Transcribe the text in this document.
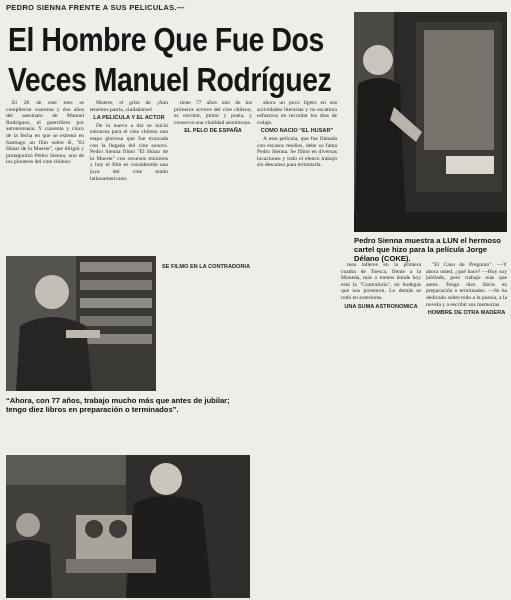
PEDRO SIENNA FRENTE A SUS PELICULAS.—
El Hombre Que Fue Dos
Veces Manuel Rodríguez
Pedro Sienna muestra a LUN el hermoso cartel que hizo para la película Jorge Délano (COKE).
“Ahora, con 77 años, trabajo mucho más que antes de jubilar; tengo diez libros en preparación o terminados”.

El 26 de este mes se cumplieron cuarenta y dos años del asesinato de Manuel Rodríguez, el guerrillero por antonomasia. Y cuarenta y cinco de la fecha en que se estrenó en Santiago un film sobre él, "El Húsar de la Muerte", que dirigió y protagonizó Pedro Sienna, uno de los pioneros del cine chileno.

Muerte, el grito de ¡Aún tenemos patria, ciudadanos!

LA PELICULA Y EL ACTOR

De la nueva a dar se inició entonces para el cine chileno una etapa gloriosa que fue truncada con la llegada del cine sonoro. Pedro Sienna filmó "El Húsar de la Muerte" con recursos mínimos y hoy el film es considerado una joya del cine mudo latinoamericano.

tiene 77 años uno de los primeros actores del cine chileno, es escritor, pintor y poeta, y conserva una vitalidad asombrosa.

EL PELO DE ESPAÑA

ahora un poco ligero en sus actividades literarias y no escatima esfuerzos en recordar los días de rodaje.

COMO NACIO “EL HUSAR”

A esta película, que fue filmada con escasos medios, debe su fama Pedro Sienna. Se filmó en diversas locaciones y todo el elenco trabajó sin descanso para terminarla.

SE FILMO EN LA CONTRADORIA	mos talleres en la primera cuadra de Toesca, frente a la Moneda, más o menos donde hoy está la "Contraloría", en bodegas que nos prestaron. Lo demás se rodó en exteriores.

UNA SUMA ASTRONOMICA

"El Caso de Pregunto". —Y ahora usted, ¿qué hace? —Hoy soy jubilado, pero trabajo más que antes. Tengo diez libros en preparación o terminados. —Se ha dedicado sobre todo a la poesía, a la novela y a escribir sus memorias.

HOMBRE DE OTRA MADERA
